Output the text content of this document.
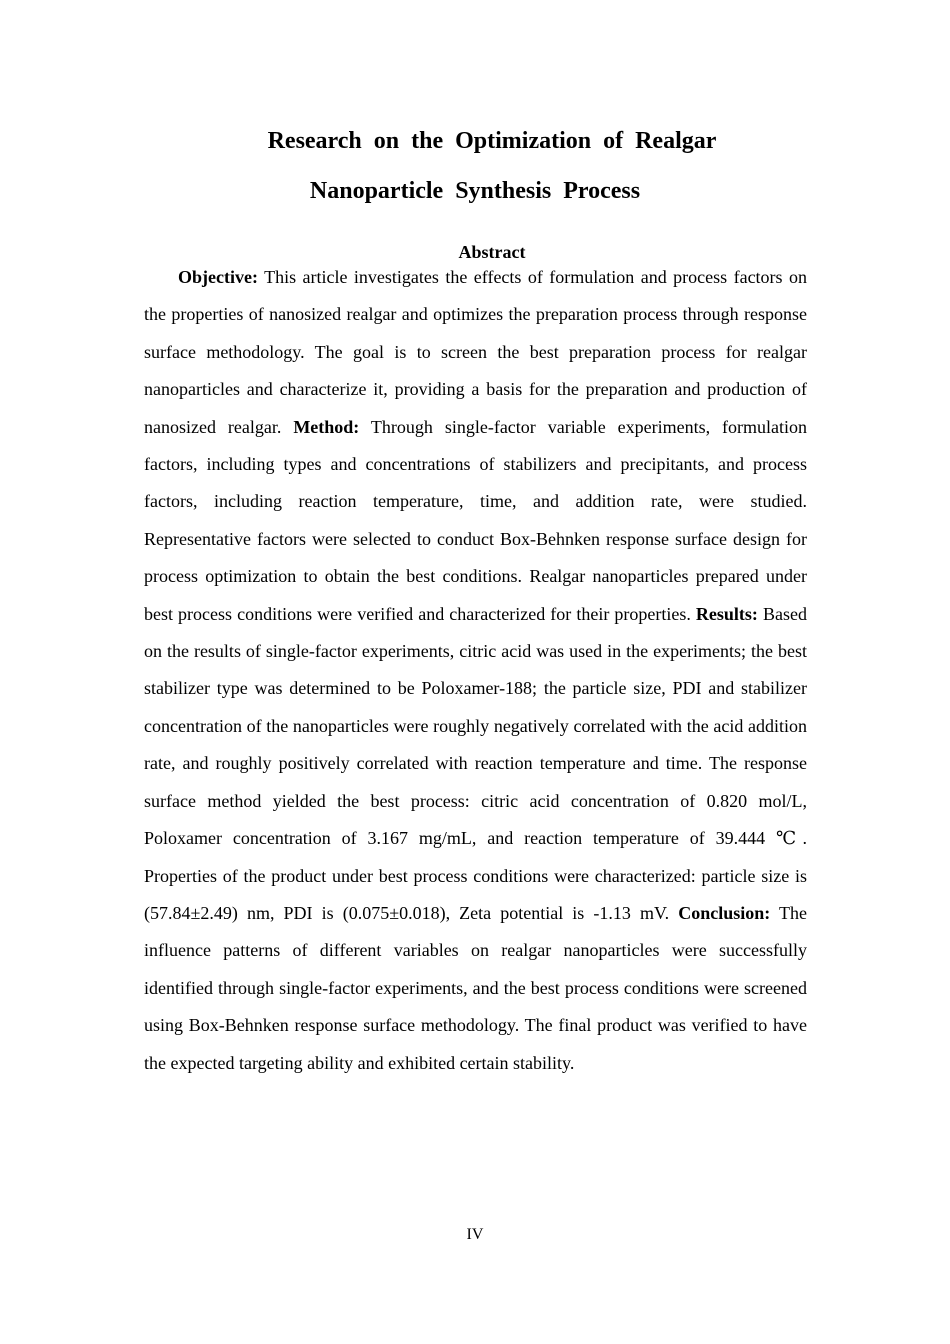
Research on the Optimization of Realgar
Nanoparticle Synthesis Process
Abstract

Objective: This article investigates the effects of formulation and process factors on the properties of nanosized realgar and optimizes the preparation process through response surface methodology. The goal is to screen the best preparation process for realgar nanoparticles and characterize it, providing a basis for the preparation and production of nanosized realgar. Method: Through single-factor variable experiments, formulation factors, including types and concentrations of stabilizers and precipitants, and process factors, including reaction temperature, time, and addition rate, were studied. Representative factors were selected to conduct Box-Behnken response surface design for process optimization to obtain the best conditions. Realgar nanoparticles prepared under best process conditions were verified and characterized for their properties. Results: Based on the results of single-factor experiments, citric acid was used in the experiments; the best stabilizer type was determined to be Poloxamer-188; the particle size, PDI and stabilizer concentration of the nanoparticles were roughly negatively correlated with the acid addition rate, and roughly positively correlated with reaction temperature and time. The response surface method yielded the best process: citric acid concentration of 0.820 mol/L, Poloxamer concentration of 3.167 mg/mL, and reaction temperature of 39.444 ℃. Properties of the product under best process conditions were characterized: particle size is (57.84±2.49) nm, PDI is (0.075±0.018), Zeta potential is -1.13 mV. Conclusion: The influence patterns of different variables on realgar nanoparticles were successfully identified through single-factor experiments, and the best process conditions were screened using Box-Behnken response surface methodology. The final product was verified to have the expected targeting ability and exhibited certain stability.

IV
